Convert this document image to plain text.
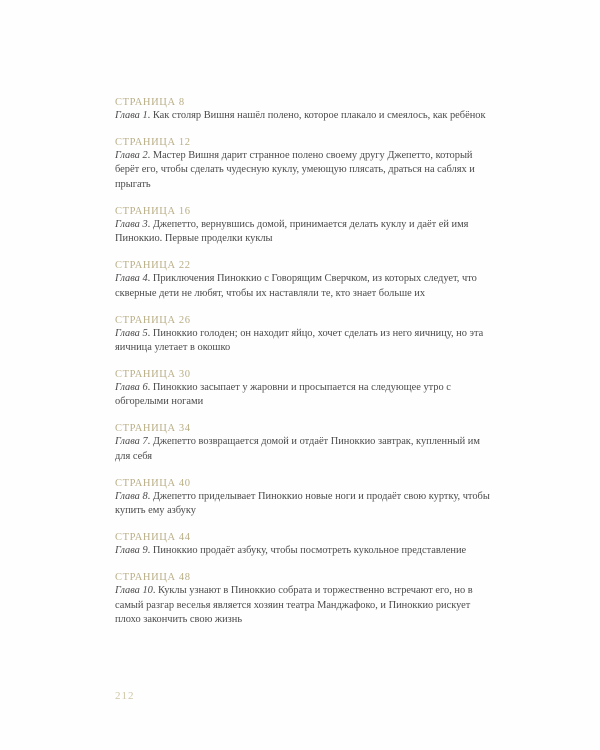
СТРАНИЦА 8

Глава 1. Как столяр Вишня нашёл полено, которое плакало и смеялось, как ребёнок

СТРАНИЦА 12

Глава 2. Мастер Вишня дарит странное полено своему другу Джепетто, который берёт его, чтобы сделать чудесную куклу, умеющую плясать, драться на саблях и прыгать

СТРАНИЦА 16

Глава 3. Джепетто, вернувшись домой, принимается делать куклу и даёт ей имя Пиноккио. Первые проделки куклы

СТРАНИЦА 22

Глава 4. Приключения Пиноккио с Говорящим Сверчком, из которых следует, что скверные дети не любят, чтобы их наставляли те, кто знает больше их

СТРАНИЦА 26

Глава 5. Пиноккио голоден; он находит яйцо, хочет сделать из него яичницу, но эта яичница улетает в окошко

СТРАНИЦА 30

Глава 6. Пиноккио засыпает у жаровни и просыпается на следующее утро с обгорелыми ногами

СТРАНИЦА 34

Глава 7. Джепетто возвращается домой и отдаёт Пиноккио завтрак, купленный им для себя

СТРАНИЦА 40

Глава 8. Джепетто приделывает Пиноккио новые ноги и продаёт свою куртку, чтобы купить ему азбуку

СТРАНИЦА 44

Глава 9. Пиноккио продаёт азбуку, чтобы посмотреть кукольное представление

СТРАНИЦА 48

Глава 10. Куклы узнают в Пиноккио собрата и торжественно встречают его, но в самый разгар веселья является хозяин театра Манджафоко, и Пиноккио рискует плохо закончить свою жизнь

212
